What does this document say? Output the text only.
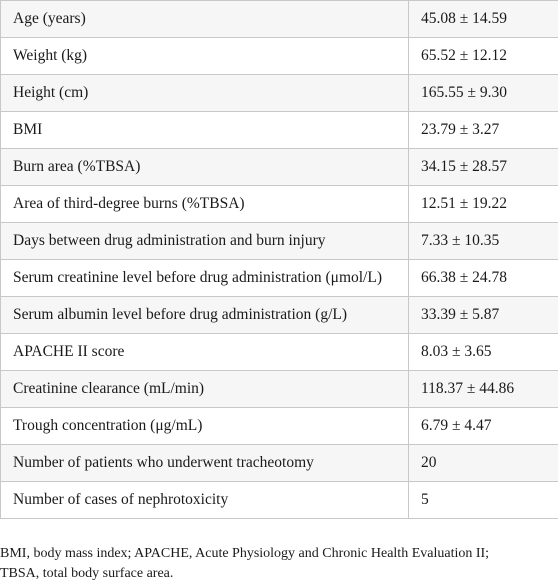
Age (years)	45.08 ± 14.59
Weight (kg)	65.52 ± 12.12
Height (cm)	165.55 ± 9.30
BMI	23.79 ± 3.27
Burn area (%TBSA)	34.15 ± 28.57
Area of third-degree burns (%TBSA)	12.51 ± 19.22
Days between drug administration and burn injury	7.33 ± 10.35
Serum creatinine level before drug administration (μmol/L)	66.38 ± 24.78
Serum albumin level before drug administration (g/L)	33.39 ± 5.87
APACHE II score	8.03 ± 3.65
Creatinine clearance (mL/min)	118.37 ± 44.86
Trough concentration (μg/mL)	6.79 ± 4.47
Number of patients who underwent tracheotomy	20
Number of cases of nephrotoxicity	5
BMI, body mass index; APACHE, Acute Physiology and Chronic Health Evaluation II;
TBSA, total body surface area.
